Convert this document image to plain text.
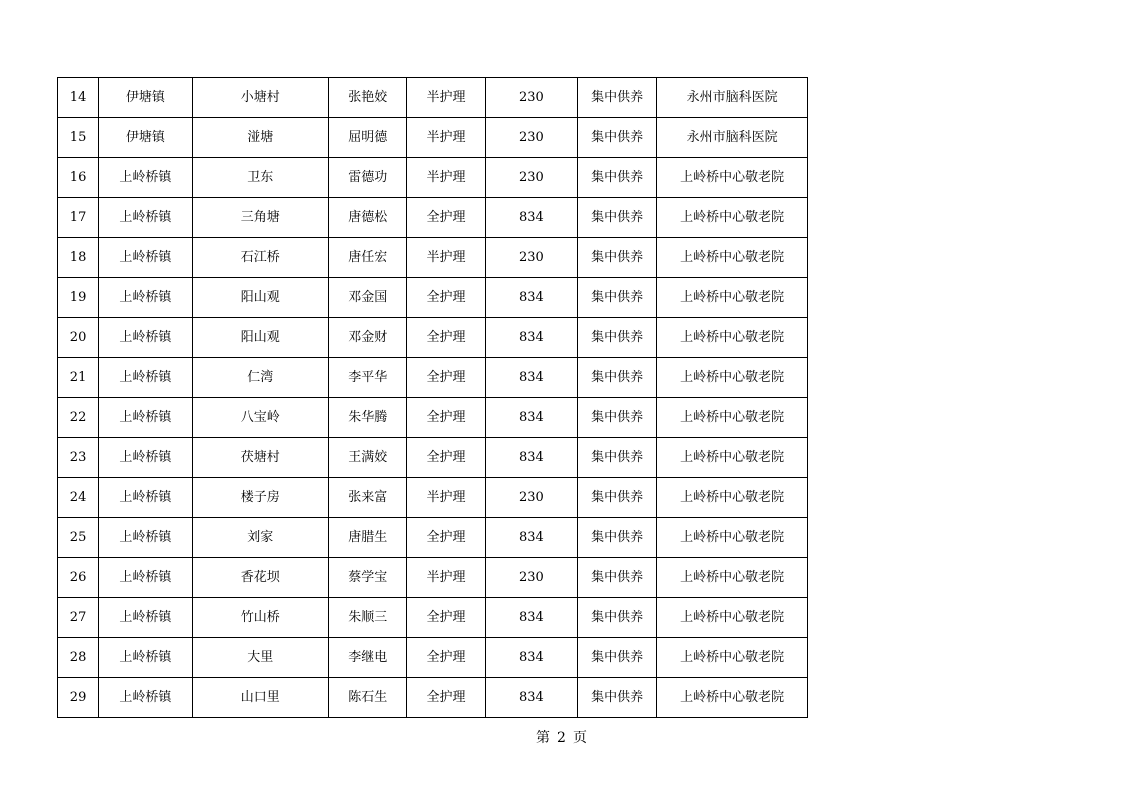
14	伊塘镇	小塘村	张艳姣	半护理	230	集中供养	永州市脑科医院
15	伊塘镇	湴塘	屈明德	半护理	230	集中供养	永州市脑科医院
16	上岭桥镇	卫东	雷德功	半护理	230	集中供养	上岭桥中心敬老院
17	上岭桥镇	三角塘	唐德松	全护理	834	集中供养	上岭桥中心敬老院
18	上岭桥镇	石江桥	唐任宏	半护理	230	集中供养	上岭桥中心敬老院
19	上岭桥镇	阳山观	邓金国	全护理	834	集中供养	上岭桥中心敬老院
20	上岭桥镇	阳山观	邓金财	全护理	834	集中供养	上岭桥中心敬老院
21	上岭桥镇	仁湾	李平华	全护理	834	集中供养	上岭桥中心敬老院
22	上岭桥镇	八宝岭	朱华腾	全护理	834	集中供养	上岭桥中心敬老院
23	上岭桥镇	茯塘村	王满姣	全护理	834	集中供养	上岭桥中心敬老院
24	上岭桥镇	楼子房	张来富	半护理	230	集中供养	上岭桥中心敬老院
25	上岭桥镇	刘家	唐腊生	全护理	834	集中供养	上岭桥中心敬老院
26	上岭桥镇	香花坝	蔡学宝	半护理	230	集中供养	上岭桥中心敬老院
27	上岭桥镇	竹山桥	朱顺三	全护理	834	集中供养	上岭桥中心敬老院
28	上岭桥镇	大里	李继电	全护理	834	集中供养	上岭桥中心敬老院
29	上岭桥镇	山口里	陈石生	全护理	834	集中供养	上岭桥中心敬老院
第 2 页
